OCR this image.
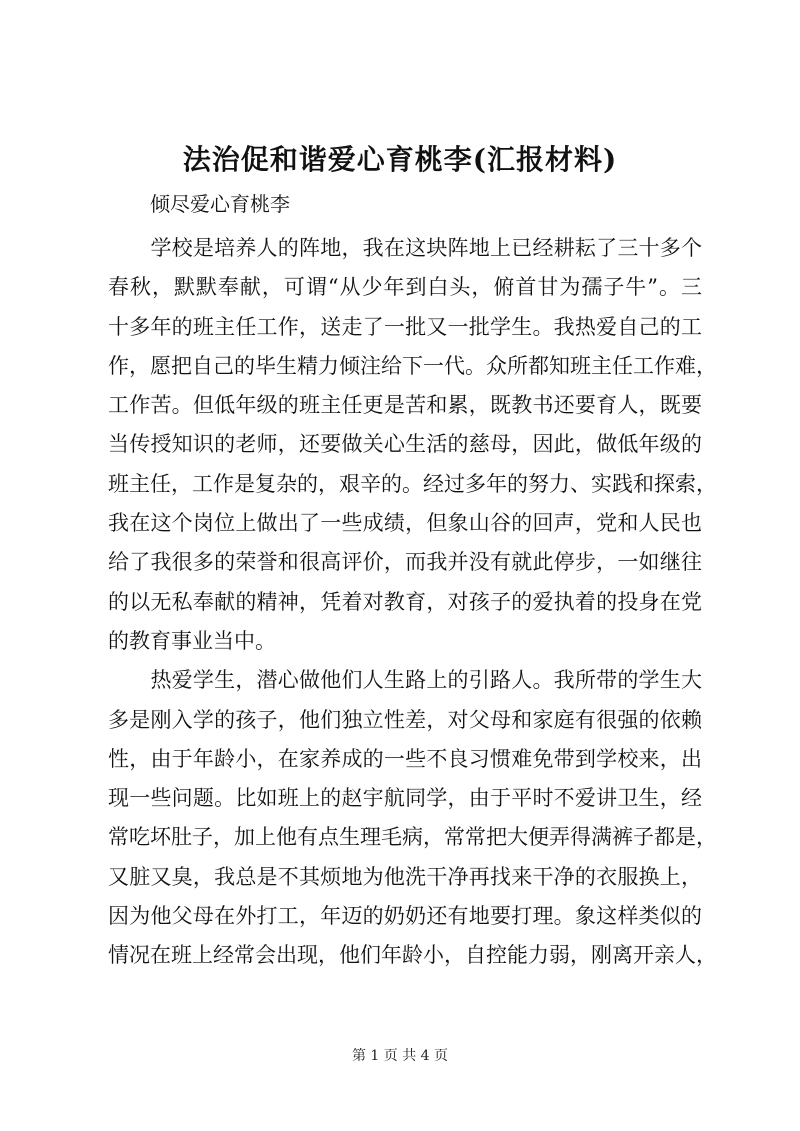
法治促和谐爱心育桃李(汇报材料)
倾尽爱心育桃李
　　学校是培养人的阵地，我在这块阵地上已经耕耘了三十多个
春秋，默默奉献，可谓“从少年到白头，俯首甘为孺子牛”。三
十多年的班主任工作，送走了一批又一批学生。我热爱自己的工
作，愿把自己的毕生精力倾注给下一代。众所都知班主任工作难，
工作苦。但低年级的班主任更是苦和累，既教书还要育人，既要
当传授知识的老师，还要做关心生活的慈母，因此，做低年级的
班主任，工作是复杂的，艰辛的。经过多年的努力、实践和探索，
我在这个岗位上做出了一些成绩，但象山谷的回声，党和人民也
给了我很多的荣誉和很高评价，而我并没有就此停步，一如继往
的以无私奉献的精神，凭着对教育，对孩子的爱执着的投身在党
的教育事业当中。
　　热爱学生，潜心做他们人生路上的引路人。我所带的学生大
多是刚入学的孩子，他们独立性差，对父母和家庭有很强的依赖
性，由于年龄小，在家养成的一些不良习惯难免带到学校来，出
现一些问题。比如班上的赵宇航同学，由于平时不爱讲卫生，经
常吃坏肚子，加上他有点生理毛病，常常把大便弄得满裤子都是，
又脏又臭，我总是不其烦地为他洗干净再找来干净的衣服换上，
因为他父母在外打工，年迈的奶奶还有地要打理。象这样类似的
情况在班上经常会出现，他们年龄小，自控能力弱，刚离开亲人，
第 1 页 共 4 页
